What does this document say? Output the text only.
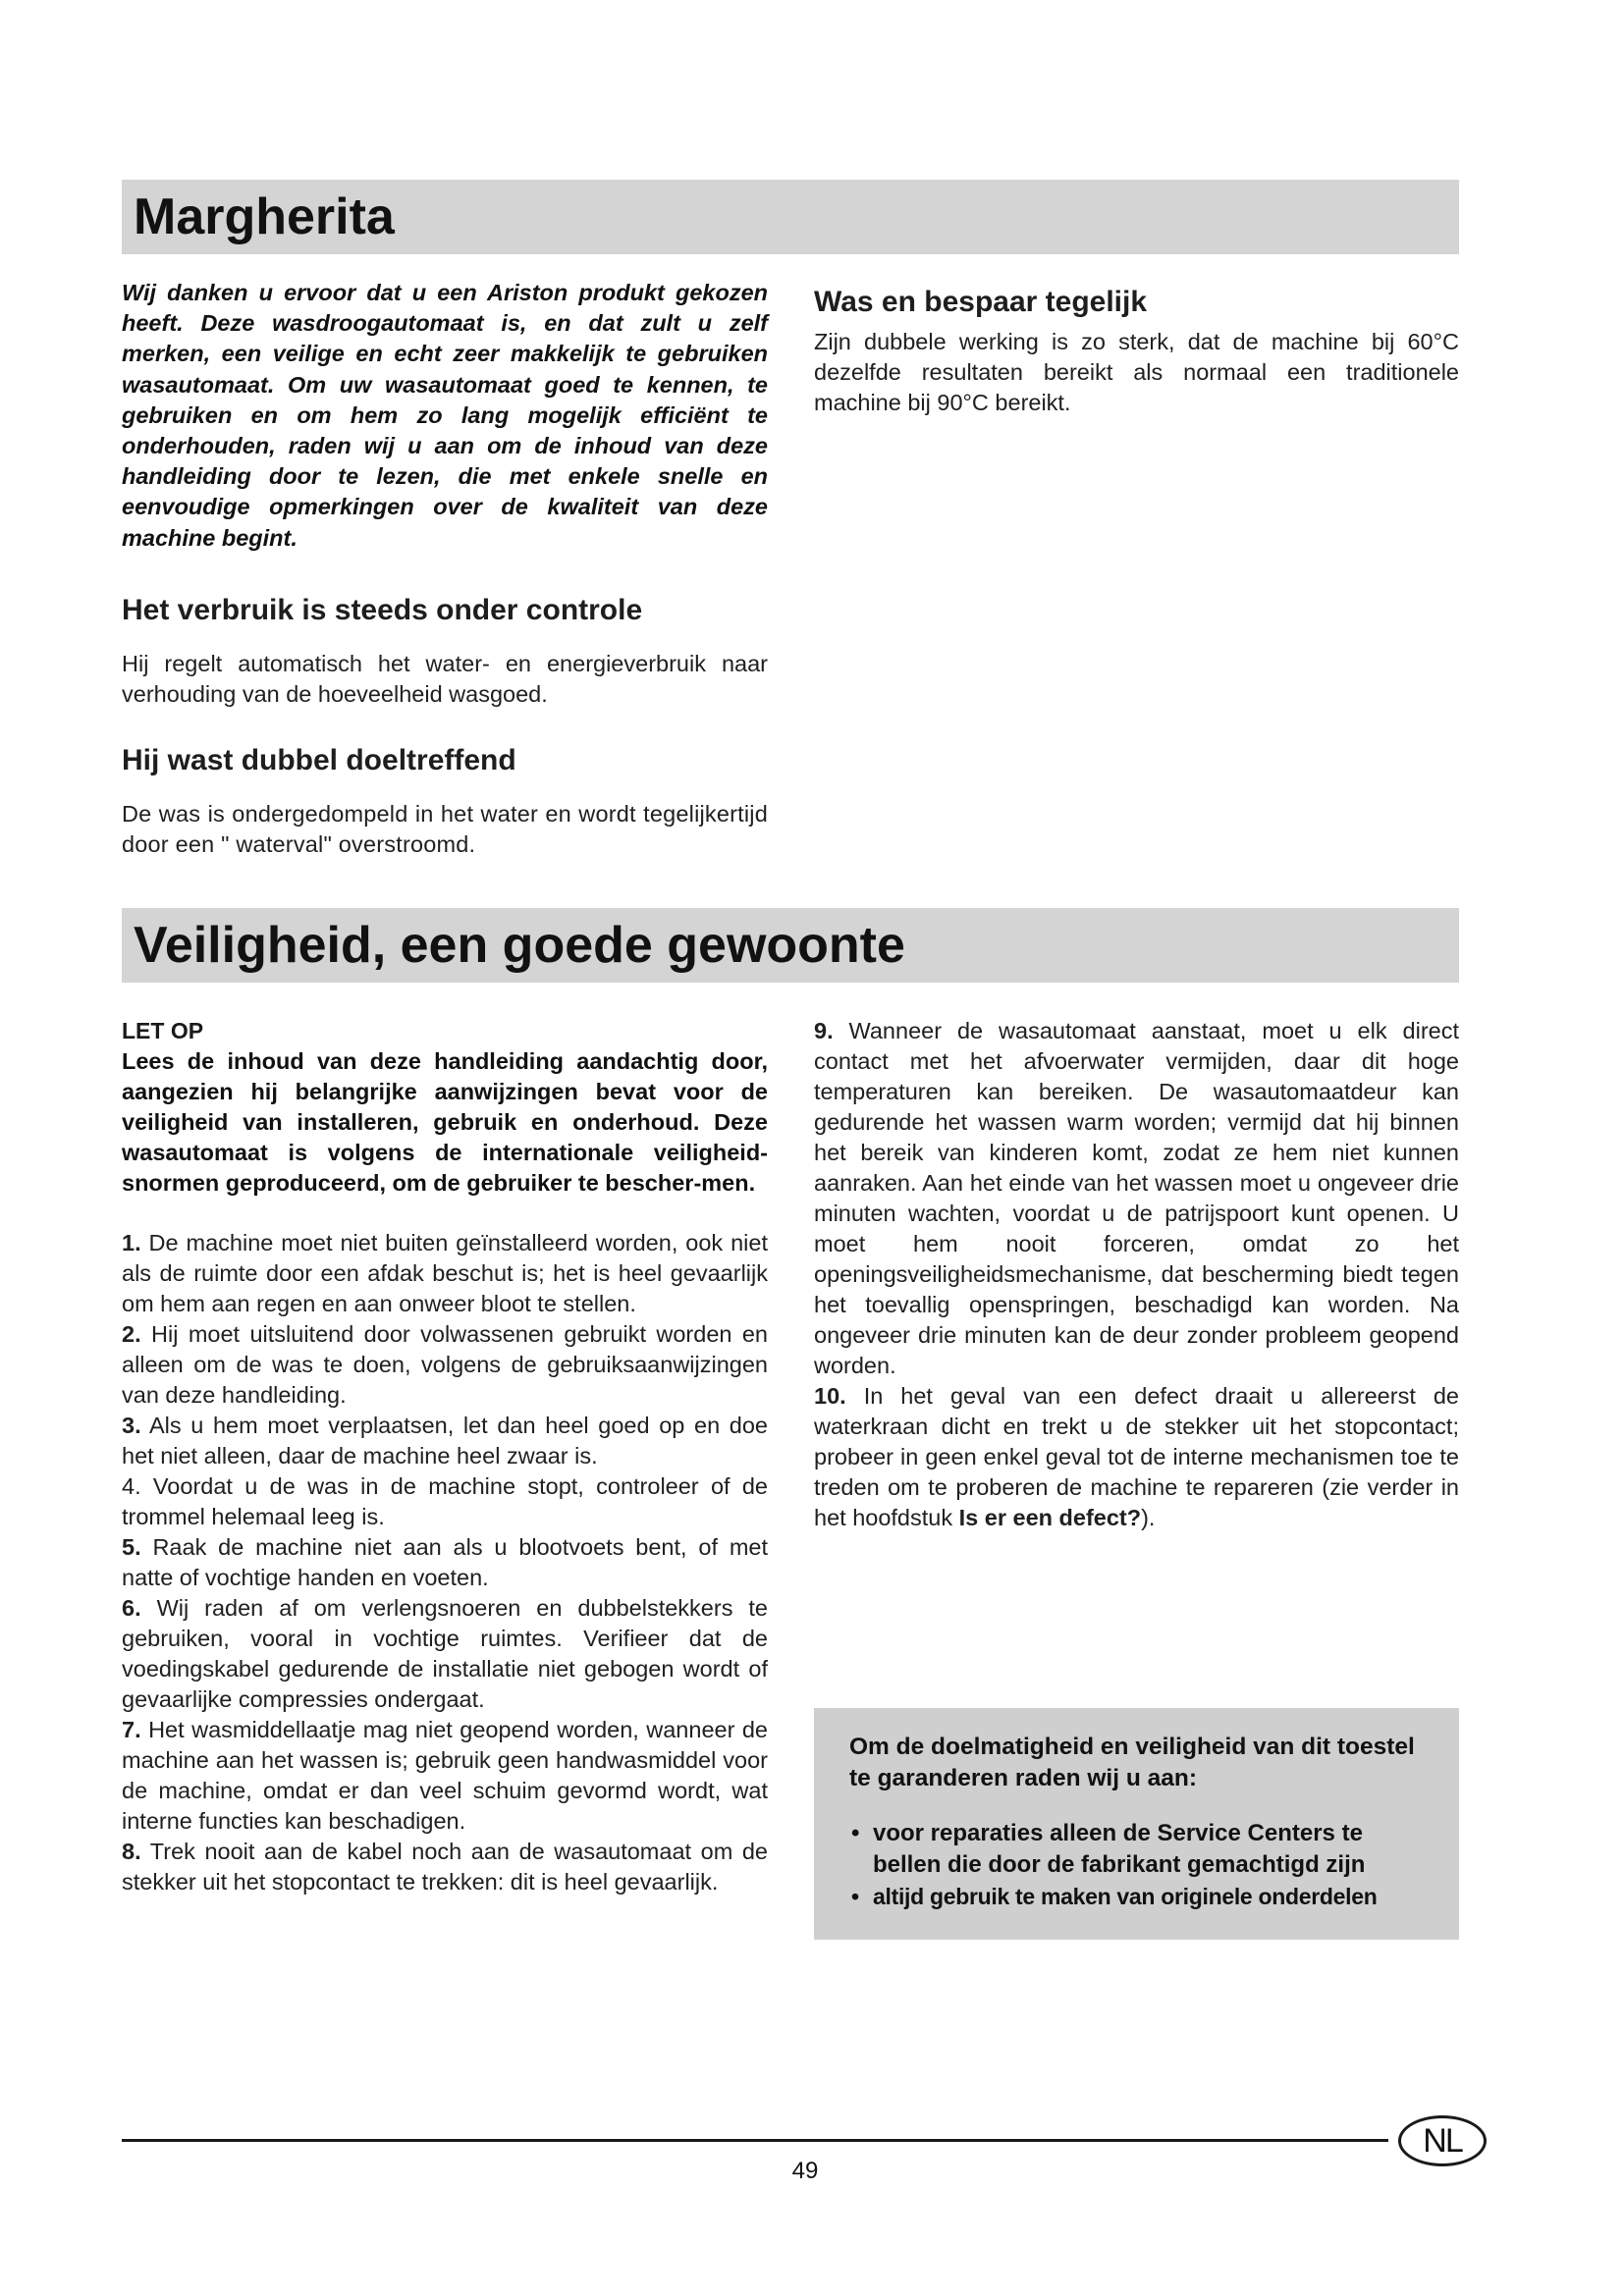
Margherita
Veiligheid, een goede gewoonte

Wij danken u ervoor dat u een Ariston produkt gekozen heeft. Deze wasdroogautomaat is, en dat zult u zelf merken, een veilige en echt zeer makkelijk te gebruiken wasautomaat. Om uw wasautomaat goed te kennen, te gebruiken en om hem zo lang mogelijk efficiënt te onderhouden, raden wij u aan om de inhoud van deze handleiding door te lezen, die met enkele snelle en eenvoudige opmerkingen over de kwaliteit van deze machine begint.

Het verbruik is steeds onder controle

Hij regelt automatisch het water- en energieverbruik naar verhouding van de hoeveelheid wasgoed.

Hij wast dubbel doeltreffend

De was is ondergedompeld in het water en wordt tegelijkertijd door een " waterval" overstroomd.

Was en bespaar tegelijk

Zijn dubbele werking is zo sterk, dat de machine bij 60°C dezelfde resultaten bereikt als normaal een traditionele machine bij 90°C bereikt.

LET OP

Lees de inhoud van deze handleiding aandachtig door, aangezien hij belangrijke aanwijzingen bevat voor de veiligheid van installeren, gebruik en onderhoud. Deze wasautomaat is volgens de internationale veiligheid-snormen geproduceerd, om de gebruiker te bescher-men.

1. De machine moet niet buiten geïnstalleerd worden, ook niet als de ruimte door een afdak beschut is; het is heel gevaarlijk om hem aan regen en aan onweer bloot te stellen.

2. Hij moet uitsluitend door volwassenen gebruikt worden en alleen om de was te doen, volgens de gebruiksaanwijzingen van deze handleiding.

3. Als u hem moet verplaatsen, let dan heel goed op en doe het niet alleen, daar de machine heel zwaar is.

4. Voordat u de was in de machine stopt, controleer of de trommel helemaal leeg is.

5. Raak de machine niet aan als u blootvoets bent, of met natte of vochtige handen en voeten.

6. Wij raden af om verlengsnoeren en dubbelstekkers te gebruiken, vooral in vochtige ruimtes. Verifieer dat de voedingskabel gedurende de installatie niet gebogen wordt of gevaarlijke compressies ondergaat.

7. Het wasmiddellaatje mag niet geopend worden, wanneer de machine aan het wassen is; gebruik geen handwasmiddel voor de machine, omdat er dan veel schuim gevormd wordt, wat interne functies kan beschadigen.

8. Trek nooit aan de kabel noch aan de wasautomaat om de stekker uit het stopcontact te trekken: dit is heel gevaarlijk.

9. Wanneer de wasautomaat aanstaat, moet u elk direct contact met het afvoerwater vermijden, daar dit hoge temperaturen kan bereiken. De wasautomaatdeur kan gedurende het wassen warm worden; vermijd dat hij binnen het bereik van kinderen komt, zodat ze hem niet kunnen aanraken. Aan het einde van het wassen moet u ongeveer drie minuten wachten, voordat u de patrijspoort kunt openen. U moet hem nooit forceren, omdat zo het openingsveiligheidsmechanisme, dat bescherming biedt tegen het toevallig openspringen, beschadigd kan worden. Na ongeveer drie minuten kan de deur zonder probleem geopend worden.

10. In het geval van een defect draait u allereerst de waterkraan dicht en trekt u de stekker uit het stopcontact; probeer in geen enkel geval tot de interne mechanismen toe te treden om te proberen de machine te repareren (zie verder in het hoofdstuk Is er een defect?).

Om de doelmatigheid en veiligheid van dit toestel te garanderen raden wij u aan:

• voor reparaties alleen de Service Centers te bellen die door de fabrikant gemachtigd zijn
• altijd gebruik te maken van originele onderdelen
49
NL
